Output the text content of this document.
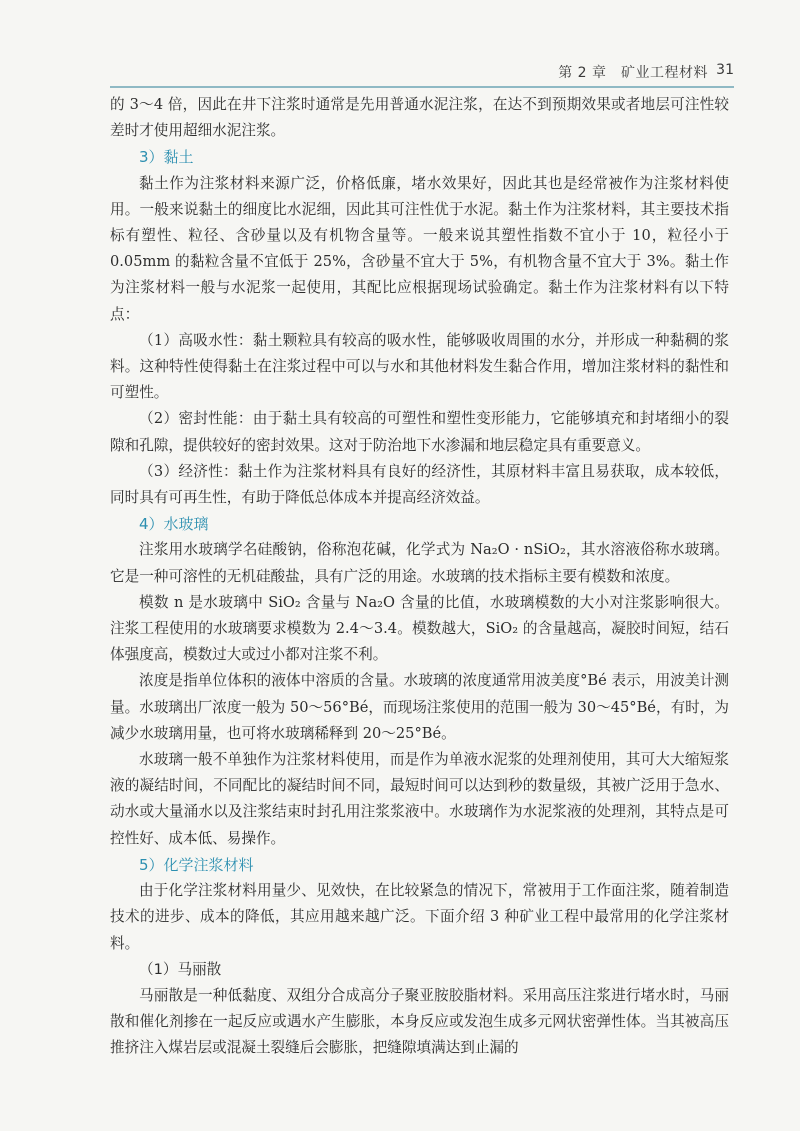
第 2 章　矿业工程材料 31

的 3～4 倍，因此在井下注浆时通常是先用普通水泥注浆，在达不到预期效果或者地层可注性较差时才使用超细水泥注浆。

3）黏土

黏土作为注浆材料来源广泛，价格低廉，堵水效果好，因此其也是经常被作为注浆材料使用。一般来说黏土的细度比水泥细，因此其可注性优于水泥。黏土作为注浆材料，其主要技术指标有塑性、粒径、含砂量以及有机物含量等。一般来说其塑性指数不宜小于 10，粒径小于 0.05mm 的黏粒含量不宜低于 25%，含砂量不宜大于 5%，有机物含量不宜大于 3%。黏土作为注浆材料一般与水泥浆一起使用，其配比应根据现场试验确定。黏土作为注浆材料有以下特点：

（1）高吸水性：黏土颗粒具有较高的吸水性，能够吸收周围的水分，并形成一种黏稠的浆料。这种特性使得黏土在注浆过程中可以与水和其他材料发生黏合作用，增加注浆材料的黏性和可塑性。

（2）密封性能：由于黏土具有较高的可塑性和塑性变形能力，它能够填充和封堵细小的裂隙和孔隙，提供较好的密封效果。这对于防治地下水渗漏和地层稳定具有重要意义。

（3）经济性：黏土作为注浆材料具有良好的经济性，其原材料丰富且易获取，成本较低，同时具有可再生性，有助于降低总体成本并提高经济效益。

4）水玻璃

注浆用水玻璃学名硅酸钠，俗称泡花碱，化学式为 Na₂O · nSiO₂，其水溶液俗称水玻璃。它是一种可溶性的无机硅酸盐，具有广泛的用途。水玻璃的技术指标主要有模数和浓度。

模数 n 是水玻璃中 SiO₂ 含量与 Na₂O 含量的比值，水玻璃模数的大小对注浆影响很大。注浆工程使用的水玻璃要求模数为 2.4～3.4。模数越大，SiO₂ 的含量越高，凝胶时间短，结石体强度高，模数过大或过小都对注浆不利。

浓度是指单位体积的液体中溶质的含量。水玻璃的浓度通常用波美度°Bé 表示，用波美计测量。水玻璃出厂浓度一般为 50～56°Bé，而现场注浆使用的范围一般为 30～45°Bé，有时，为减少水玻璃用量，也可将水玻璃稀释到 20～25°Bé。

水玻璃一般不单独作为注浆材料使用，而是作为单液水泥浆的处理剂使用，其可大大缩短浆液的凝结时间，不同配比的凝结时间不同，最短时间可以达到秒的数量级，其被广泛用于急水、动水或大量涌水以及注浆结束时封孔用注浆浆液中。水玻璃作为水泥浆液的处理剂，其特点是可控性好、成本低、易操作。

5）化学注浆材料

由于化学注浆材料用量少、见效快，在比较紧急的情况下，常被用于工作面注浆，随着制造技术的进步、成本的降低，其应用越来越广泛。下面介绍 3 种矿业工程中最常用的化学注浆材料。

（1）马丽散

马丽散是一种低黏度、双组分合成高分子聚亚胺胶脂材料。采用高压注浆进行堵水时，马丽散和催化剂掺在一起反应或遇水产生膨胀，本身反应或发泡生成多元网状密弹性体。当其被高压推挤注入煤岩层或混凝土裂缝后会膨胀，把缝隙填满达到止漏的
